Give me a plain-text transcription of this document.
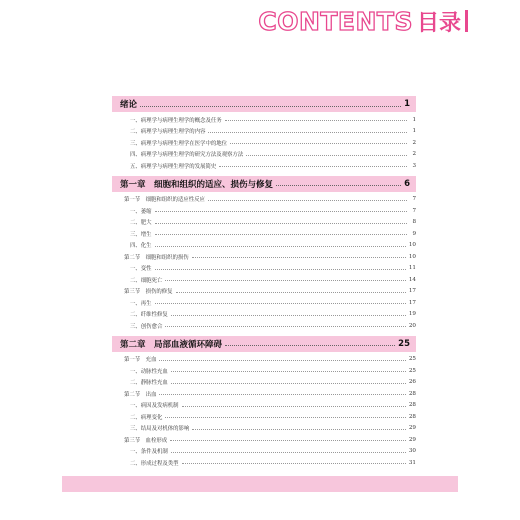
CONTENTS 目录
绪论	1
一、病理学与病理生理学的概念及任务	1
二、病理学与病理生理学的内容	1
三、病理学与病理生理学在医学中的地位	2
四、病理学与病理生理学的研究方法及观察方法	2
五、病理学与病理生理学的发展简史	3
第一章　细胞和组织的适应、损伤与修复	6
第一节　细胞和组织的适应性反应	7
一、萎缩	7
二、肥大	8
三、增生	9
四、化生	10
第二节　细胞和组织的损伤	10
一、变性	11
二、细胞死亡	14
第三节　损伤的修复	17
一、再生	17
二、纤维性修复	19
三、创伤愈合	20
第二章　局部血液循环障碍	25
第一节　充血	25
一、动脉性充血	25
二、静脉性充血	26
第二节　出血	28
一、病因及发病机制	28
二、病理变化	28
三、结局及对机体的影响	29
第三节　血栓形成	29
一、条件及机制	30
二、形成过程及类型	31
